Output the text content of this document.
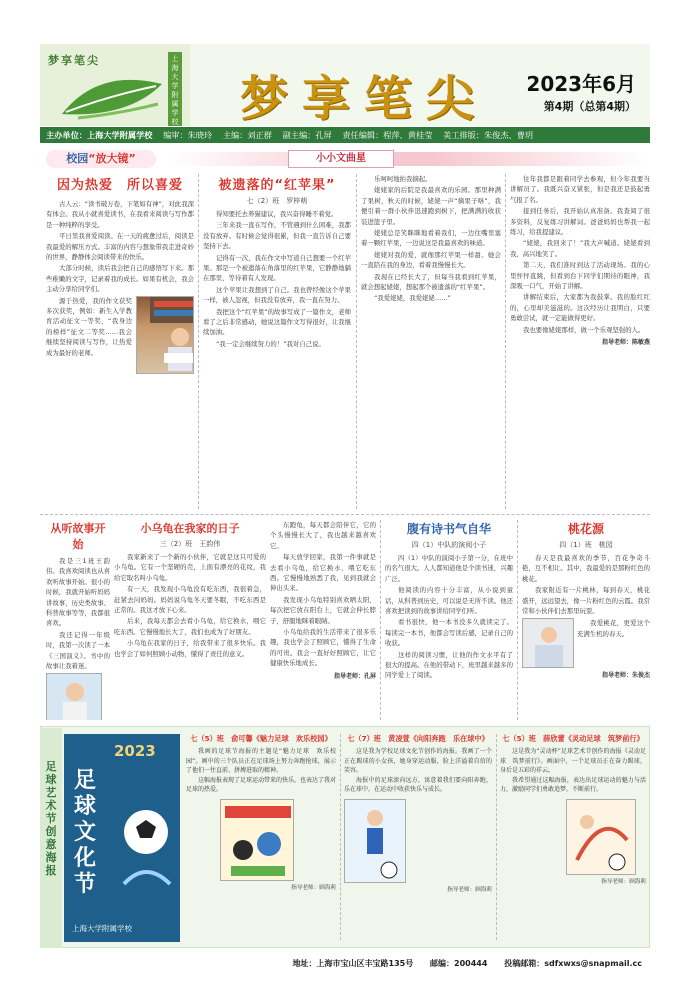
梦享笔尖	上海大学附属学校 梦享笔尖 2023年6月
第4期（总第4期）
主办单位：上海大学附属学校 编审：朱晓玲 主编：刘正群 副主编：孔屏 责任编辑：程萍、黄桂莹 美工排版：朱俊杰、曹玥
校园“放大镜”	小小文曲星
因为热爱　所以喜爱

古人云：“读书破万卷，下笔如有神”，对此我深有体会。我从小就喜爱读书，在我看来阅读与写作都是一种纯粹的享受。

平日里我喜爱阅读。在一天的疲惫过后，阅读是我最爱的解压方式。丰富的内容与想象带我走进奇妙的世界，静静体会阅读带来的快乐。

大部分时候，读后我会把自己的感悟写下来。那些稚嫩的文字，记录着我的成长。如果有机会，我会主动分享给同学们。

源于热爱，我的作文获奖多次获奖，例如：新生入学教育活动征文一等奖，“我身边的榜样”征文二等奖……我会继续坚持阅读与写作，让热爱成为最好的老师。

被遗落的“红苹果”
七（2）班　罗梓萌

得知要托去养猫建议，我兴奋得睡不着觉。

三年来我一直在写作，不管遇到什么困难，我都没有放弃。有时候会觉得很累，但我一直告诉自己要坚持下去。

记得有一次，我在作文中写道自己想要一个红苹果。那是一个被遗落在角落里的红苹果，它静静地躺在那里，等待着有人发现。

这个苹果让我想到了自己。我也曾经像这个苹果一样，被人忽视，但我没有放弃，我一直在努力。

我把这个“红苹果”的故事写成了一篇作文，老师看了之后非常感动，她说这篇作文写得很好，让我继续加油。

“我一定会继续努力的！”我对自己说。

乐呵呵地拍我摘起。

姥姥家的后院是我最喜欢的乐园。那里种满了果树，秋天的时候，姥姥一声“摘果子咯”，我便引着一群小伙伴迅速跑到树下，把满满的收获装进篮子里。

姥姥总是笑眯眯地看着我们，一边往嘴里塞着一颗红苹果，一边说这是我最喜欢的味道。

姥姥对我的爱，就像那红苹果一样甜。她会一直陪在我的身边，看着我慢慢长大。

我现在已经长大了，但每当我看到红苹果，就会想起姥姥，想起那个被遗落的“红苹果”。

“我爱姥姥，我爱姥姥……”

往年我都是跟着同学去参观，但今年我要当讲解员了。我既兴奋又紧张，但是我还是鼓起勇气报了名。

接到任务后，我开始认真准备。我查阅了很多资料，反复练习讲解词。爸爸妈妈也帮我一起练习，给我提建议。

“姥姥，我回来了！”我大声喊道。姥姥看到我，高兴地笑了。

第二天，我们准时到达了活动现场。我的心里怦怦直跳，但看到台下同学们期待的眼神，我深吸一口气，开始了讲解。

讲解结束后，大家都为我鼓掌。我的脸红红的，心里却美滋滋的。这次经历让我明白，只要勇敢尝试，就一定能做得更好。

我也要像姥姥那样，做一个乐观坚强的人。

指导老师：陈敏燕
从听故事开始

我是三1班王韵伟。我喜欢阅读也从喜欢听故事开始。很小的时候，我就开始听妈妈讲故事，历史类故事、科普故事等等，我都很喜欢。

我还记得一年级时，我第一次读了一本《三国演义》。书中的故事让我着迷。

小乌龟在我家的日子
三（2）班　王韵伟

我家新来了一个新的小伙伴，它就是这只可爱的小乌龟。它有一个坚硬的壳，上面有漂亮的花纹，我给它取名叫小乌龟。

有一天，我发现小乌龟没有吃东西，我很着急，赶紧去问妈妈。妈妈说乌龟冬天要冬眠，不吃东西是正常的。我这才放下心来。

后来，我每天都会去看小乌龟，给它换水，喂它吃东西。它慢慢地长大了，我们也成为了好朋友。

小乌龟在我家的日子，给我带来了很多快乐。我也学会了如何照顾小动物，懂得了责任的意义。

东跑龟，每天都会陪伴它，它的个头慢慢长大了，我也越来越喜欢它。

每天放学回家，我第一件事就是去看小乌龟，给它换水，喂它吃东西。它慢慢地熟悉了我，见到我就会伸出头来。

我发现小乌龟特别喜欢晒太阳，每次把它放在阳台上，它就会伸长脖子，舒服地眯着眼睛。

小乌龟给我的生活带来了很多乐趣，我也学会了照顾它，懂得了生命的可贵。我会一直好好照顾它，让它健康快乐地成长。

指导老师：孔屏
腹有诗书气自华
四（1）中队的演阅小子

四（1）中队的演阅小子第一分，在班中的名气很大。人人都知道他是个读书迷，兴趣广泛。

他阅读的内容十分丰富，从小说到童话，从科普到历史，可以说是无所不读。他还喜欢把读到的故事讲给同学们听。

看书很快，他一本书没多久就读完了。每读完一本书，他都会写读后感，记录自己的收获。

这样的阅读习惯，让他的作文水平有了很大的提高。在他的带动下，班里越来越多的同学爱上了阅读。

桃花源
四（1）班　桃园

春天是我最喜欢的季节，百花争奇斗艳，互不相让。其中，我最爱的是那粉红色的桃花。

我家附近有一片桃林，每到春天，桃花盛开，远远望去，像一片粉红色的云霞。我常常和小伙伴们去那里玩耍。

我爱桃花，更爱这个充满生机的春天。

指导老师：朱俊杰
足球艺术节创意海报
2023
足球文化节
上海大学附属学校
七（5）班　俞可馨《魅力足球　欢乐校园》

我画的足球节海报的主题是“魅力足球　欢乐校园”。画中的三个队员正在足球场上努力奔跑抢球，展示了他们一往直前、拼搏进取的精神。

这幅海报表现了足球运动带来的快乐，也表达了我对足球的热爱。

指导老师：顾海莉
七（7）班　黄凌萱《向阳奔跑　乐在球中》

这是我为学校足球文化节创作的海报。我画了一个正在踢球的小女孩，她身穿运动服，脸上洋溢着自信的笑容。

海报中的足球滚向远方，寓意着我们要向阳奔跑，乐在球中，在运动中收获快乐与成长。

指导老师：顾海莉
七（5）班　薛欣蕾《灵动足球　筑梦前行》

这是我为“灵动杯”足球艺术节创作的海报《灵动足球　筑梦前行》。画面中，一个足球员正在奋力踢球，身后是五彩的祥云。

我希望通过这幅海报，表达出足球运动的魅力与活力，激励同学们勇敢追梦，不断前行。

指导老师：顾海莉
地址：上海市宝山区丰宝路135号 邮编：200444 投稿邮箱：sdfxwxs@snapmail.cc
